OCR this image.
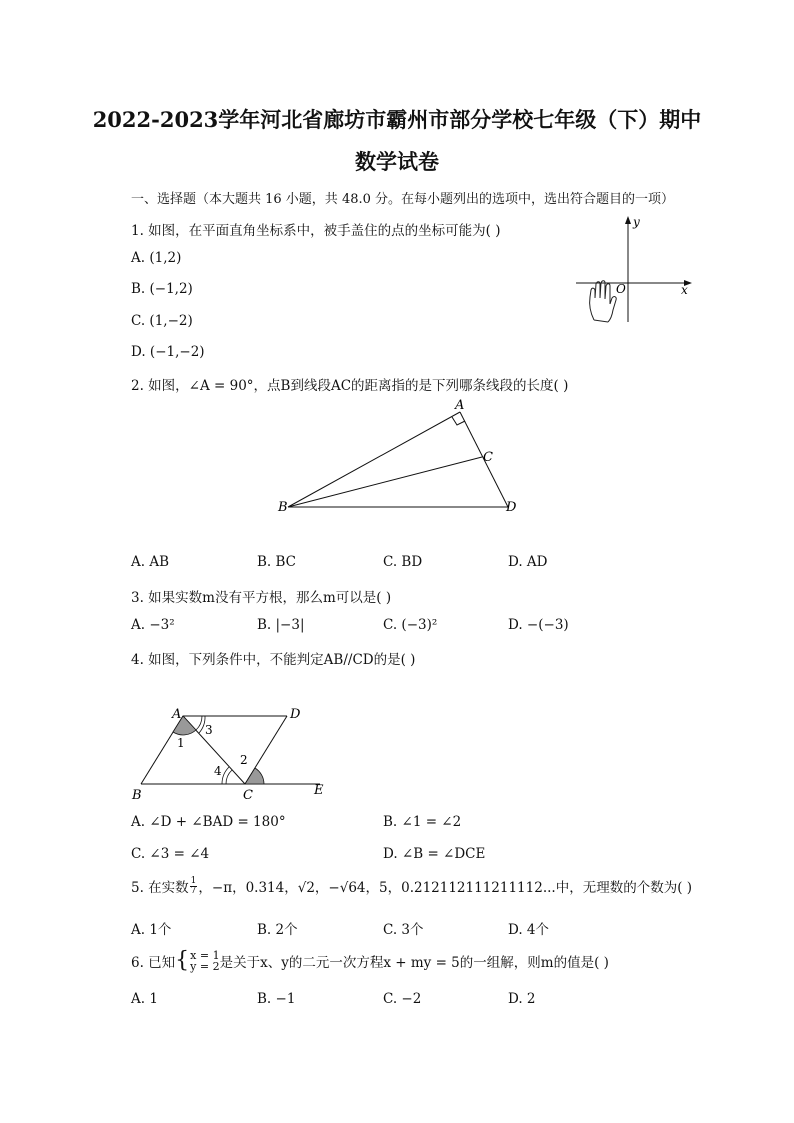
2022-2023学年河北省廊坊市霸州市部分学校七年级（下）期中
数学试卷
一、选择题（本大题共 16 小题，共 48.0 分。在每小题列出的选项中，选出符合题目的一项）
1. 如图，在平面直角坐标系中，被手盖住的点的坐标可能为( )
A. (1,2)
B. (−1,2)
C. (1,−2)
D. (−1,−2)
y
x
O
2. 如图，∠A = 90°，点B到线段AC的距离指的是下列哪条线段的长度( )
A
B
C
D
A. AB	B. BC	C. BD	D. AD
3. 如果实数m没有平方根，那么m可以是( )
A. −3²	B. |−3|	C. (−3)²	D. −(−3)
4. 如图，下列条件中，不能判定AB//CD的是( )
A	D
B	C	E
1
2
3
4
A. ∠D + ∠BAD = 180°	B. ∠1 = ∠2
C. ∠3 = ∠4	D. ∠B = ∠DCE
5. 在实数 $\frac{1}{7}$ ，−π，0.314，√2，−√64，5，0.212112111211112...中，无理数的个数为( )
A. 1个	B. 2个	C. 3个	D. 4个
6. 已知 { x = 1
y = 2 是关于x、y的二元一次方程x + my = 5的一组解，则m的值是( )
A. 1	B. −1	C. −2	D. 2
